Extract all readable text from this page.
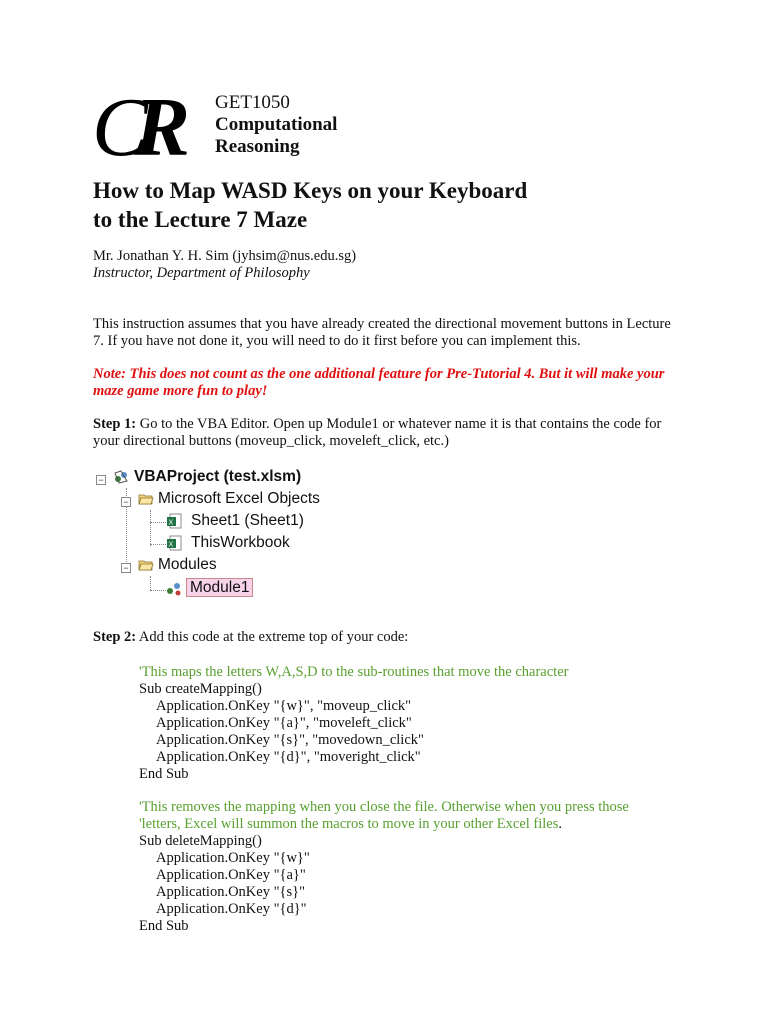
CR GET1050
Computational
Reasoning
How to Map WASD Keys on your Keyboard
to the Lecture 7 Maze
Mr. Jonathan Y. H. Sim (jyhsim@nus.edu.sg)
Instructor, Department of Philosophy
This instruction assumes that you have already created the directional movement buttons in Lecture 7. If you have not done it, you will need to do it first before you can implement this.
Note: This does not count as the one additional feature for Pre-Tutorial 4. But it will make your maze game more fun to play!
Step 1: Go to the VBA Editor. Open up Module1 or whatever name it is that contains the code for your directional buttons (moveup_click, moveleft_click, etc.)
− VBAProject (test.xlsm)
− Microsoft Excel Objects
X Sheet1 (Sheet1)
X ThisWorkbook
− Modules
Module1
Step 2: Add this code at the extreme top of your code:
'This maps the letters W,A,S,D to the sub-routines that move the character
Sub createMapping()
Application.OnKey "{w}", "moveup_click"
Application.OnKey "{a}", "moveleft_click"
Application.OnKey "{s}", "movedown_click"
Application.OnKey "{d}", "moveright_click"
End Sub
'This removes the mapping when you close the file. Otherwise when you press those
'letters, Excel will summon the macros to move in your other Excel files.
Sub deleteMapping()
Application.OnKey "{w}"
Application.OnKey "{a}"
Application.OnKey "{s}"
Application.OnKey "{d}"
End Sub
